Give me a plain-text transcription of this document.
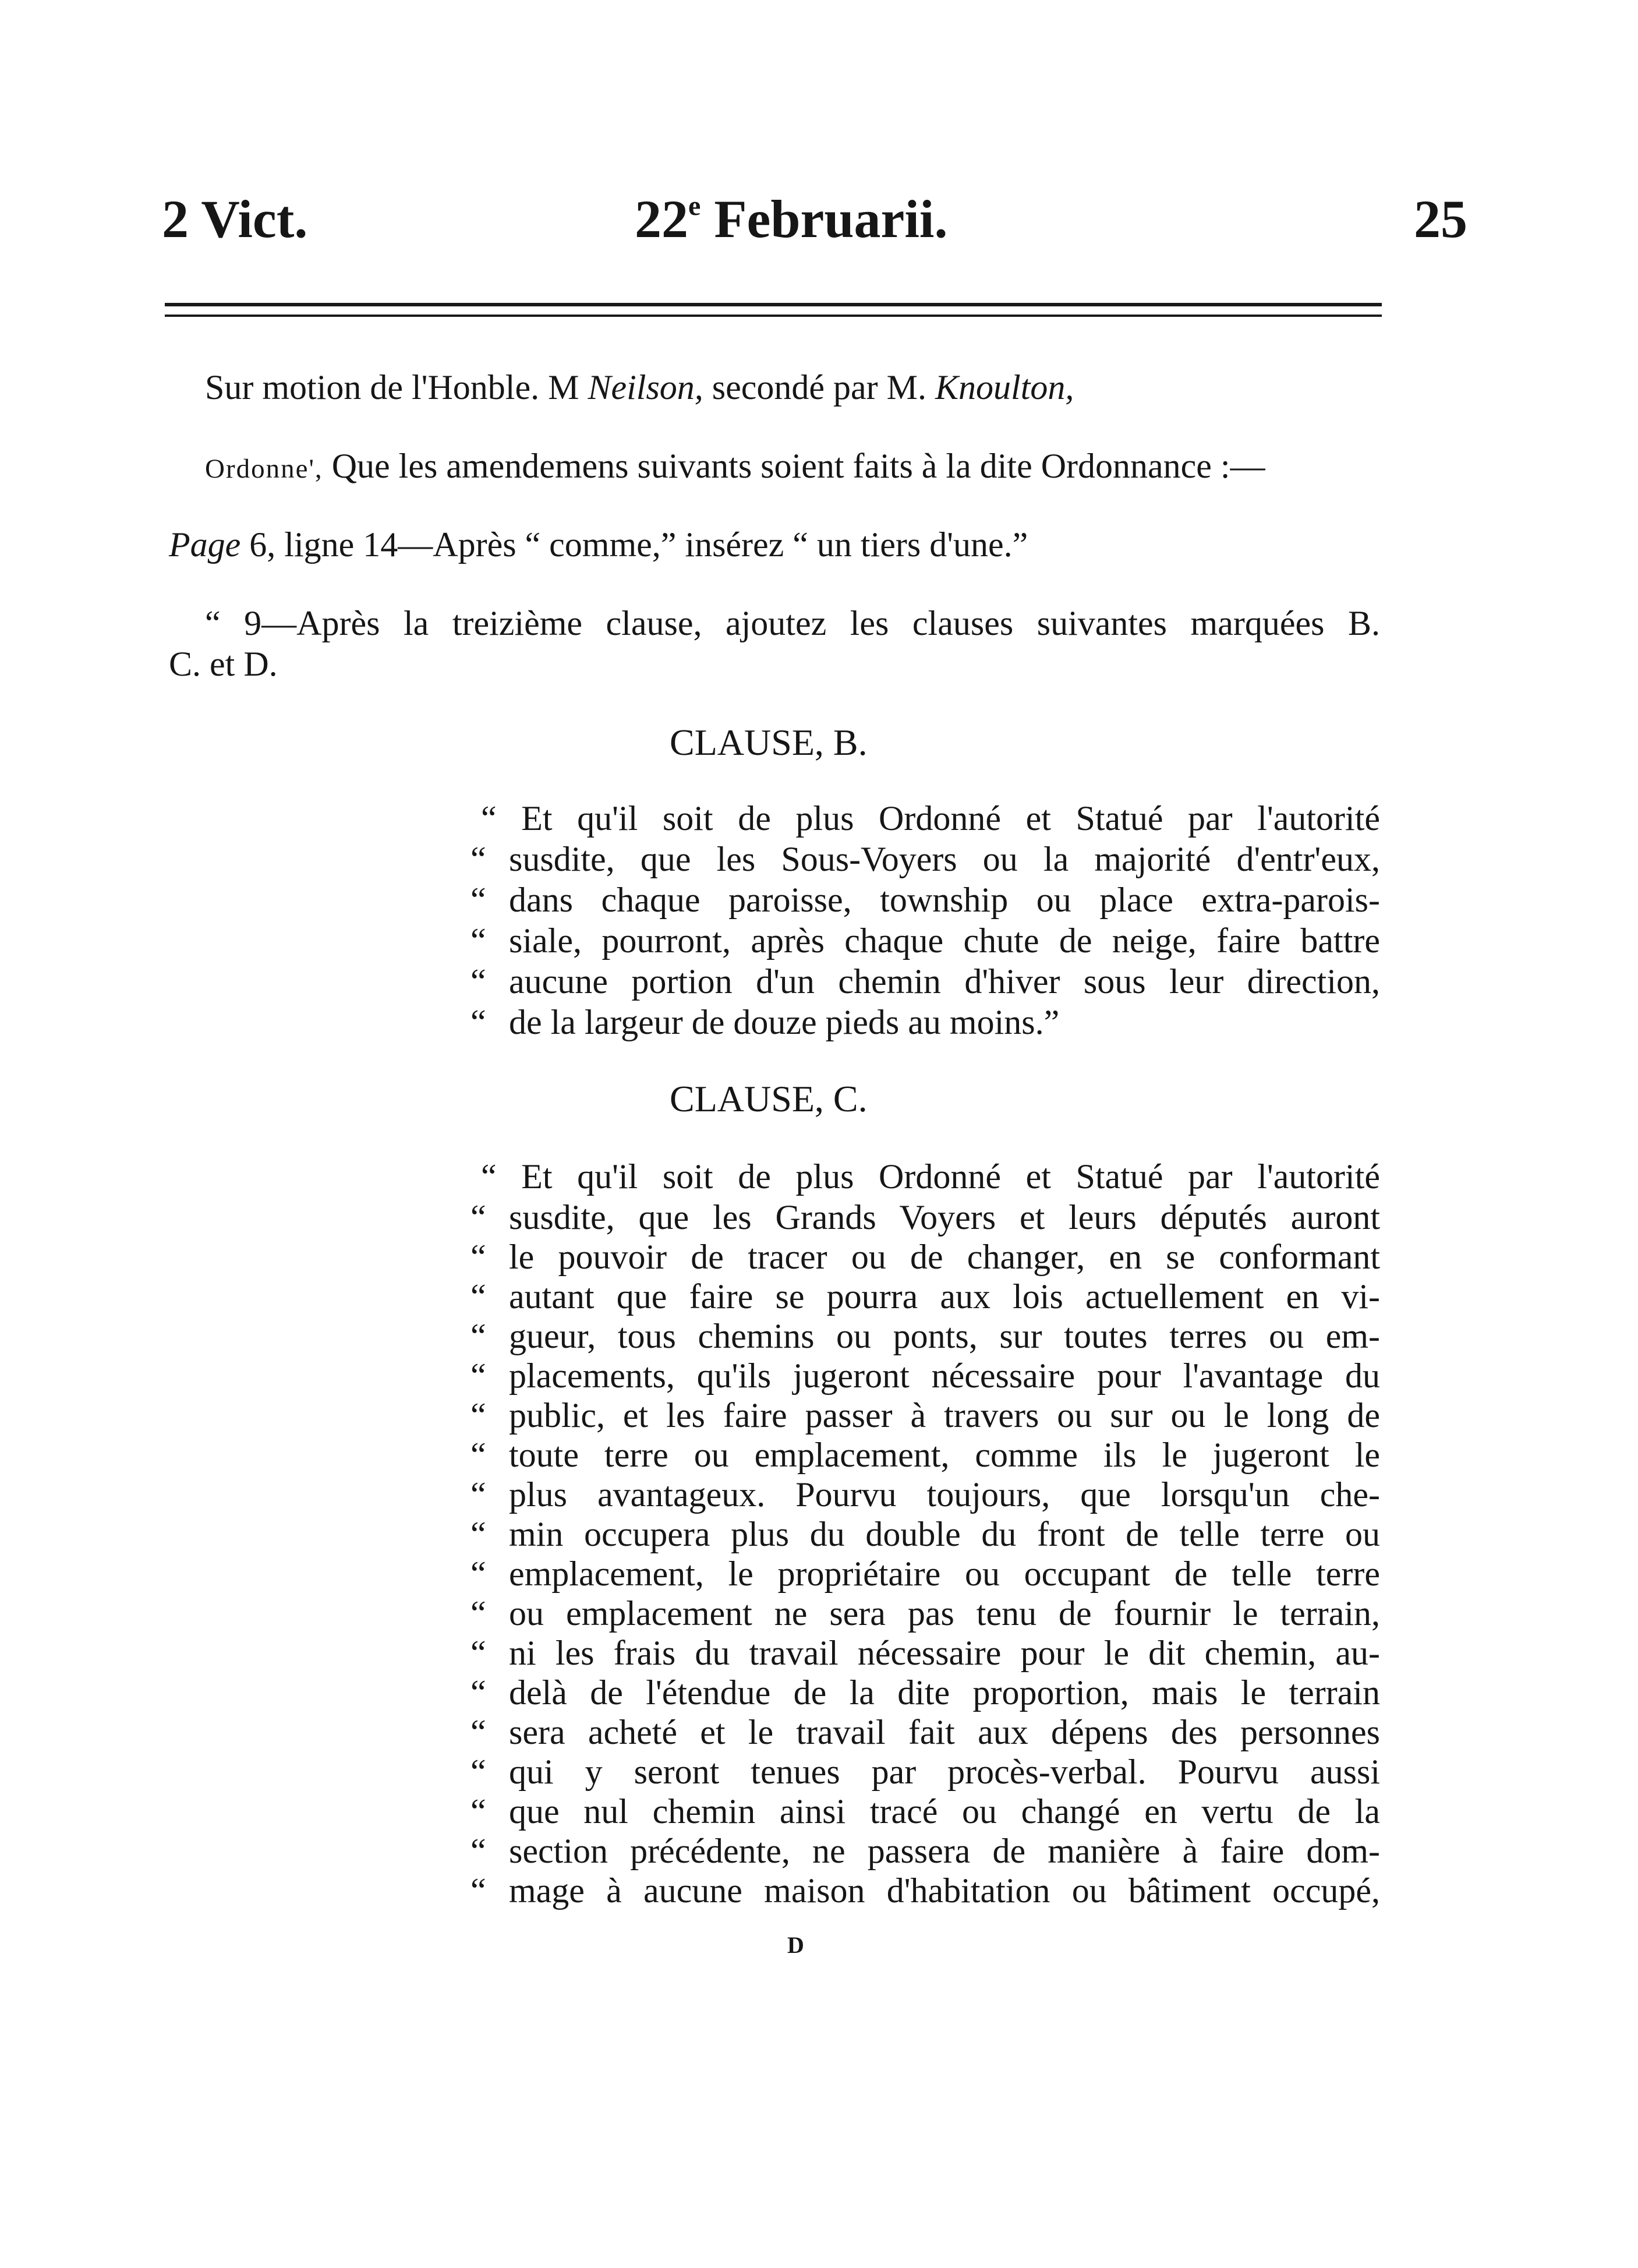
2 Vict.	22e Februarii.	25
Sur motion de l'Honble. M Neilson, secondé par M. Knoulton,
Ordonne', Que les amendemens suivants soient faits à la dite Ordonnance :—
Page 6, ligne 14—Après “ comme,” insérez “ un tiers d'une.”
“ 9—Après la treizième clause, ajoutez les clauses suivantes marquées B.
C. et D.
CLAUSE, B.
“ Et qu'il soit de plus Ordonné et Statué par l'autorité
“ susdite, que les Sous-Voyers ou la majorité d'entr'eux,
“ dans chaque paroisse, township ou place extra-parois-
“ siale, pourront, après chaque chute de neige, faire battre
“ aucune portion d'un chemin d'hiver sous leur direction,
“ de la largeur de douze pieds au moins.”
CLAUSE, C.
“ Et qu'il soit de plus Ordonné et Statué par l'autorité
“ susdite, que les Grands Voyers et leurs députés auront
“ le pouvoir de tracer ou de changer, en se conformant
“ autant que faire se pourra aux lois actuellement en vi-
“ gueur, tous chemins ou ponts, sur toutes terres ou em-
“ placements, qu'ils jugeront nécessaire pour l'avantage du
“ public, et les faire passer à travers ou sur ou le long de
“ toute terre ou emplacement, comme ils le jugeront le
“ plus avantageux. Pourvu toujours, que lorsqu'un che-
“ min occupera plus du double du front de telle terre ou
“ emplacement, le propriétaire ou occupant de telle terre
“ ou emplacement ne sera pas tenu de fournir le terrain,
“ ni les frais du travail nécessaire pour le dit chemin, au-
“ delà de l'étendue de la dite proportion, mais le terrain
“ sera acheté et le travail fait aux dépens des personnes
“ qui y seront tenues par procès-verbal. Pourvu aussi
“ que nul chemin ainsi tracé ou changé en vertu de la
“ section précédente, ne passera de manière à faire dom-
“ mage à aucune maison d'habitation ou bâtiment occupé,
D
